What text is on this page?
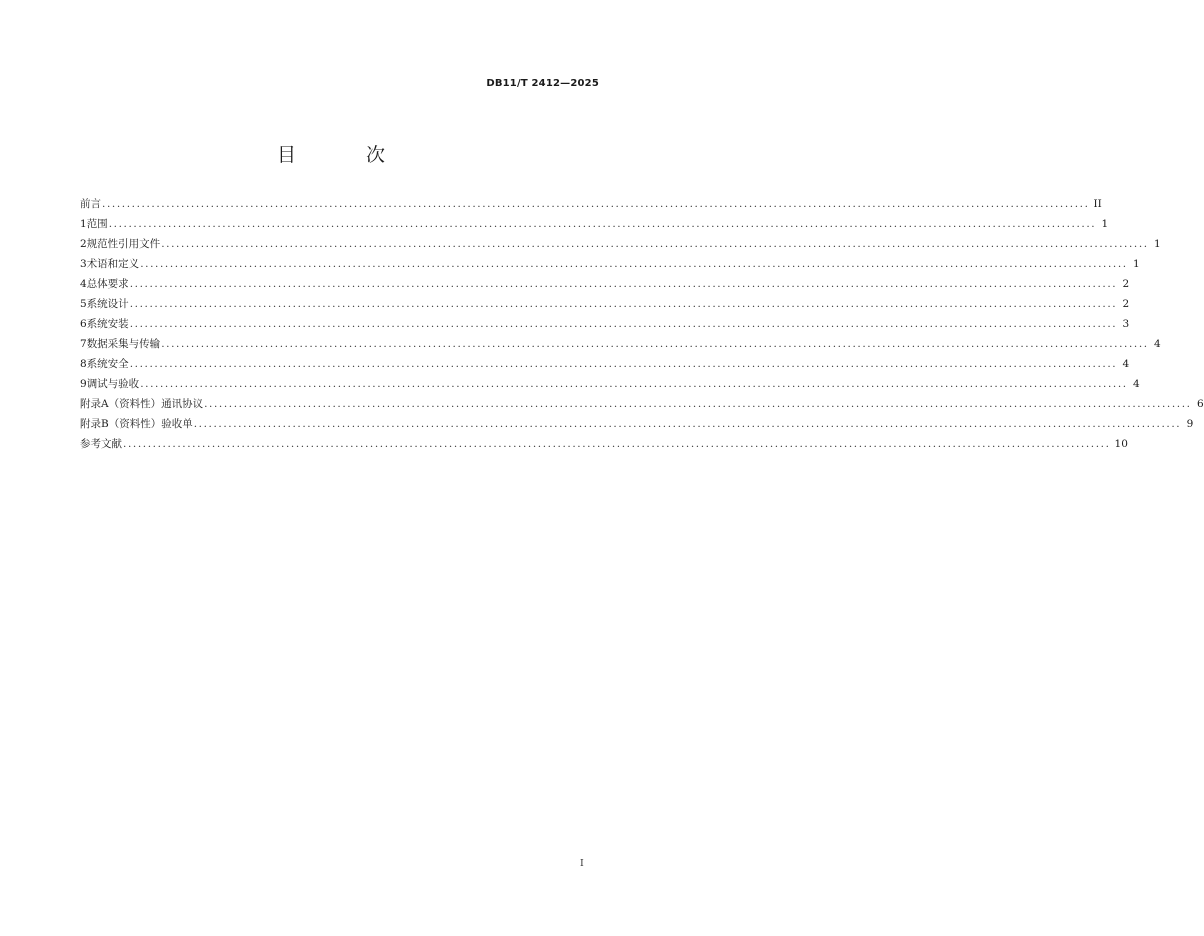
DB11/T 2412—2025
目 次
前言 ........................................................................................................................................................................................................ II
1 范围 ........................................................................................................................................................................................................ 1
2 规范性引用文件 ........................................................................................................................................................................................................ 1
3 术语和定义 ........................................................................................................................................................................................................ 1
4 总体要求 ........................................................................................................................................................................................................ 2
5 系统设计 ........................................................................................................................................................................................................ 2
6 系统安装 ........................................................................................................................................................................................................ 3
7 数据采集与传输 ........................................................................................................................................................................................................ 4
8 系统安全 ........................................................................................................................................................................................................ 4
9 调试与验收 ........................................................................................................................................................................................................ 4
附录A（资料性）通讯协议 ........................................................................................................................................................................................................ 6
附录B（资料性）验收单 ........................................................................................................................................................................................................ 9
参考文献 ........................................................................................................................................................................................................ 10
I
